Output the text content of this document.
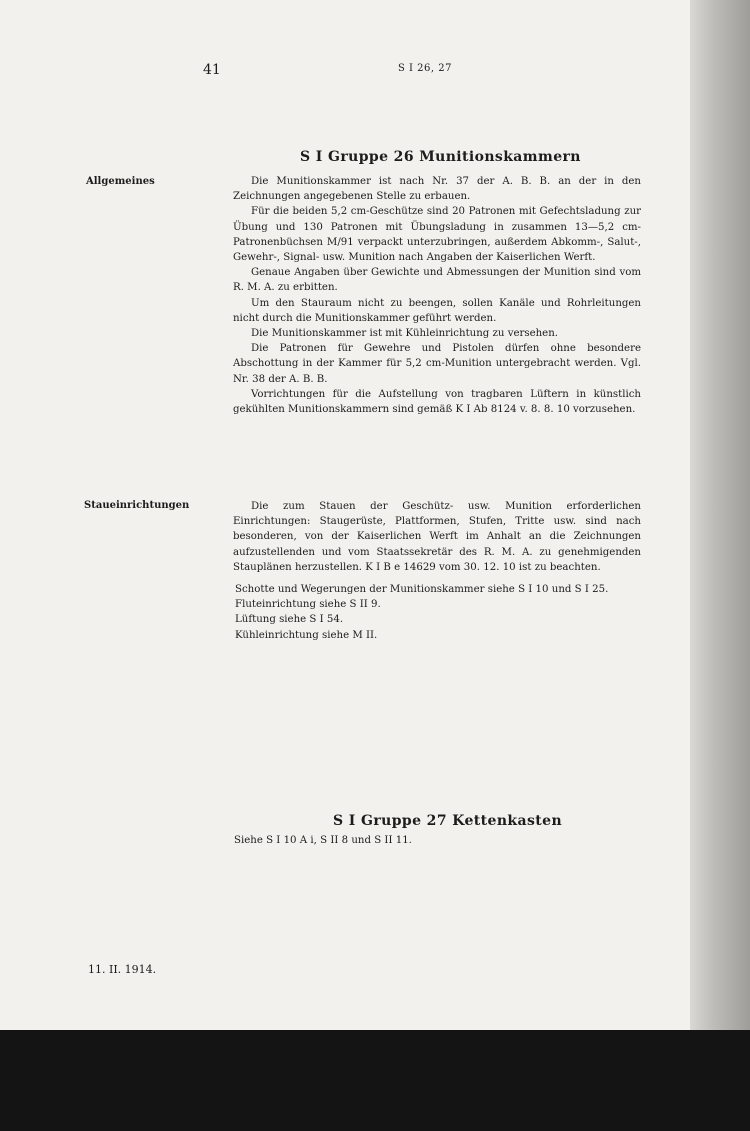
41	S I 26, 27
S I Gruppe 26 Munitionskammern
Allgemeines	Die Munitionskammer ist nach Nr. 37 der A. B. B. an der in den Zeichnungen angegebenen Stelle zu erbauen.

Für die beiden 5,2 cm-Geschütze sind 20 Patronen mit Gefechtsladung zur Übung und 130 Patronen mit Übungsladung in zusammen 13—5,2 cm-Patronenbüchsen M/91 verpackt unterzubringen, außerdem Abkomm-, Salut-, Gewehr-, Signal- usw. Munition nach Angaben der Kaiserlichen Werft.

Genaue Angaben über Gewichte und Abmessungen der Munition sind vom R. M. A. zu erbitten.

Um den Stauraum nicht zu beengen, sollen Kanäle und Rohrleitungen nicht durch die Munitionskammer geführt werden.

Die Munitionskammer ist mit Kühleinrichtung zu versehen.

Die Patronen für Gewehre und Pistolen dürfen ohne besondere Abschottung in der Kammer für 5,2 cm-Munition untergebracht werden. Vgl. Nr. 38 der A. B. B.

Vorrichtungen für die Aufstellung von tragbaren Lüftern in künstlich gekühlten Munitionskammern sind gemäß K I Ab 8124 v. 8. 8. 10 vorzusehen.

Staueinrichtungen	Die zum Stauen der Geschütz- usw. Munition erforderlichen Einrichtungen: Staugerüste, Plattformen, Stufen, Tritte usw. sind nach besonderen, von der Kaiserlichen Werft im Anhalt an die Zeichnungen aufzustellenden und vom Staatssekretär des R. M. A. zu genehmigenden Stauplänen herzustellen. K I B e 14629 vom 30. 12. 10 ist zu beachten.

Schotte und Wegerungen der Munitionskammer siehe S I 10 und S I 25.

Fluteinrichtung siehe S II 9.

Lüftung siehe S I 54.

Kühleinrichtung siehe M II.

S I Gruppe 27 Kettenkasten
Siehe S I 10 A i, S II 8 und S II 11.
11. II. 1914.
